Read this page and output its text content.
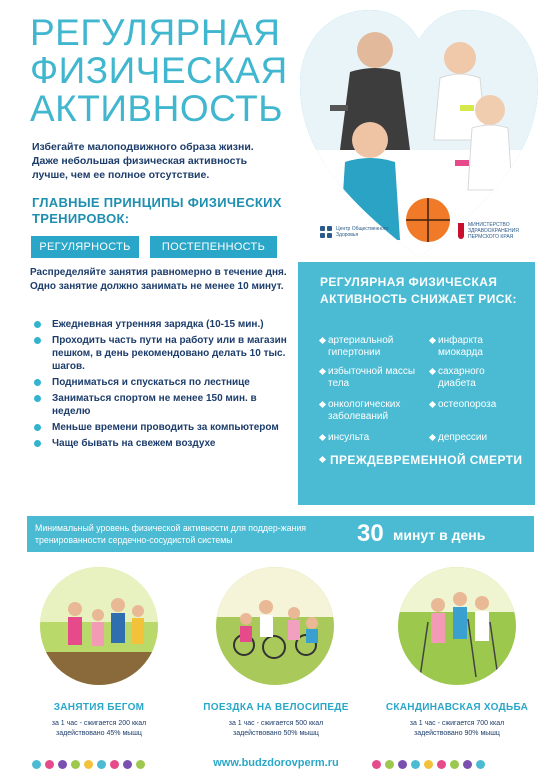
РЕГУЛЯРНАЯ
ФИЗИЧЕСКАЯ
АКТИВНОСТЬ
Избегайте малоподвижного образа жизни. Даже небольшая физическая активность лучше, чем ее полное отсутствие.
ГЛАВНЫЕ ПРИНЦИПЫ ФИЗИЧЕСКИХ ТРЕНИРОВОК:
РЕГУЛЯРНОСТЬ	ПОСТЕПЕННОСТЬ
Распределяйте занятия равномерно в течение дня. Одно занятие должно занимать не менее 10 минут.
Ежедневная утренняя зарядка (10-15 мин.)
Проходить часть пути на работу или в магазин пешком, в день рекомендовано делать 10 тыс. шагов.
Подниматься и спускаться по лестнице
Заниматься спортом не менее 150 мин. в неделю
Меньше времени проводить за компьютером
Чаще бывать на свежем воздухе
Центр Общественного Здоровья
МИНИСТЕРСТВО ЗДРАВООХРАНЕНИЯ ПЕРМСКОГО КРАЯ
РЕГУЛЯРНАЯ ФИЗИЧЕСКАЯ АКТИВНОСТЬ СНИЖАЕТ РИСК:
артериальной гипертонии
инфаркта миокарда
избыточной массы тела
сахарного диабета
онкологических заболеваний
остеопороза
инсульта	депрессии
ПРЕЖДЕВРЕМЕННОЙ СМЕРТИ
Минимальный уровень физической активности для поддер-жания тренированности сердечно-сосудистой системы	30 минут в день
ЗАНЯТИЯ БЕГОМ
за 1 час - сжигается 200 ккал
задействовано 45% мышц
ПОЕЗДКА НА ВЕЛОСИПЕДЕ
за 1 час - сжигается 500 ккал
задействовано 50% мышц
СКАНДИНАВСКАЯ ХОДЬБА
за 1 час - сжигается 700 ккал
задействовано 90% мышц
www.budzdorovperm.ru
